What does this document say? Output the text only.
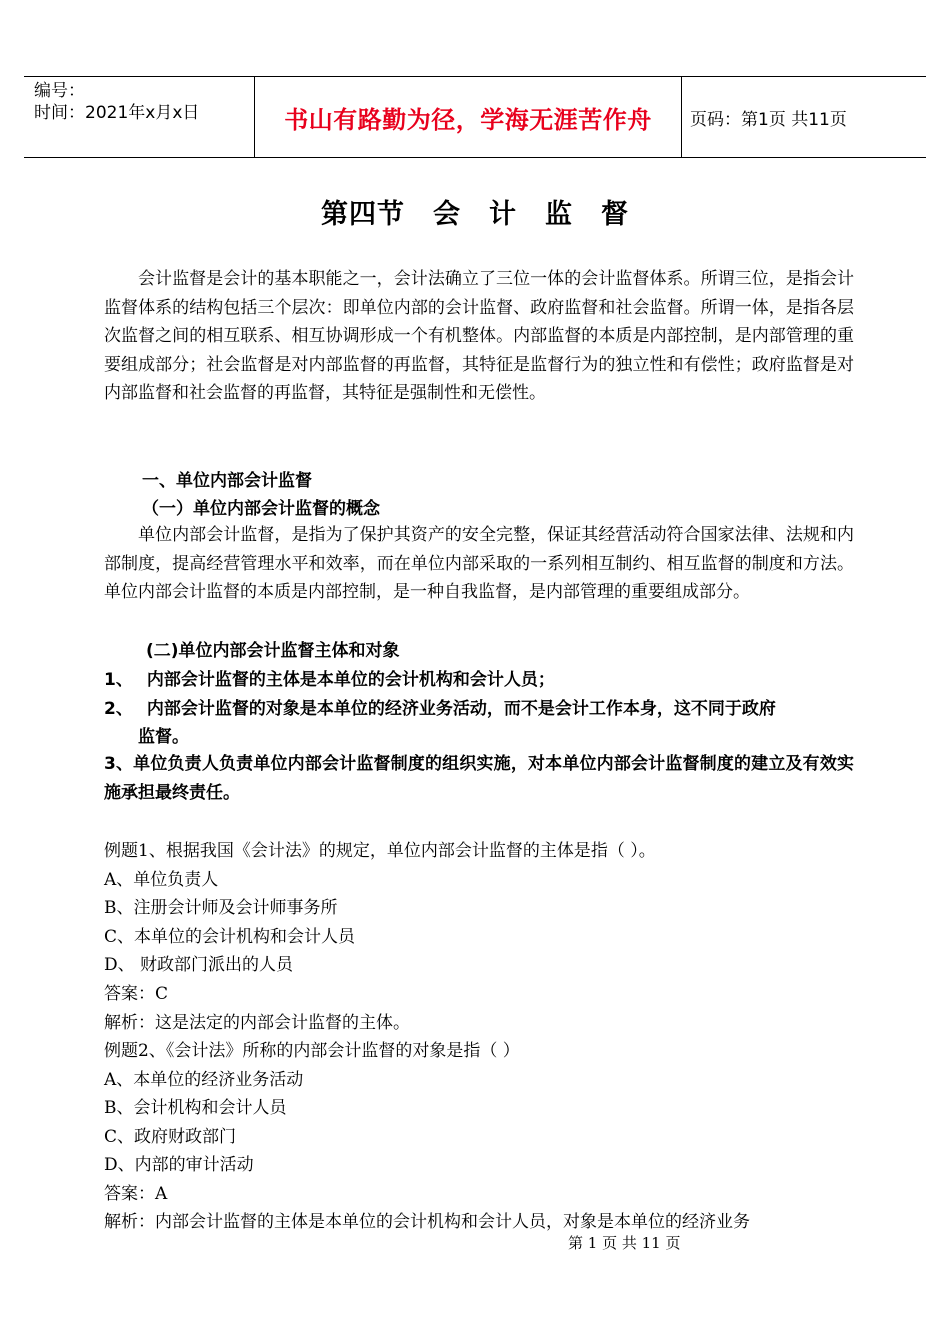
编号：
时间：2021年x月x日	书山有路勤为径，学海无涯苦作舟 页码：第1页 共11页
第四节　会　计　监　督

会计监督是会计的基本职能之一，会计法确立了三位一体的会计监督体系。所谓三位，是指会计监督体系的结构包括三个层次：即单位内部的会计监督、政府监督和社会监督。所谓一体，是指各层次监督之间的相互联系、相互协调形成一个有机整体。内部监督的本质是内部控制，是内部管理的重要组成部分；社会监督是对内部监督的再监督，其特征是监督行为的独立性和有偿性；政府监督是对内部监督和社会监督的再监督，其特征是强制性和无偿性。

一、单位内部会计监督
（一）单位内部会计监督的概念

单位内部会计监督，是指为了保护其资产的安全完整，保证其经营活动符合国家法律、法规和内部制度，提高经营管理水平和效率，而在单位内部采取的一系列相互制约、相互监督的制度和方法。单位内部会计监督的本质是内部控制，是一种自我监督，是内部管理的重要组成部分。

(二)单位内部会计监督主体和对象
1、 内部会计监督的主体是本单位的会计机构和会计人员；
2、 内部会计监督的对象是本单位的经济业务活动，而不是会计工作本身，这不同于政府
监督。

3、单位负责人负责单位内部会计监督制度的组织实施，对本单位内部会计监督制度的建立及有效实施承担最终责任。

例题1、根据我国《会计法》的规定，单位内部会计监督的主体是指（ ）。
A、单位负责人
B、注册会计师及会计师事务所
C、本单位的会计机构和会计人员
D、 财政部门派出的人员
答案：C
解析：这是法定的内部会计监督的主体。
例题2、《会计法》所称的内部会计监督的对象是指（ ）
A、本单位的经济业务活动
B、会计机构和会计人员
C、政府财政部门
D、内部的审计活动
答案：A
解析：内部会计监督的主体是本单位的会计机构和会计人员，对象是本单位的经济业务
第 1 页 共 11 页
